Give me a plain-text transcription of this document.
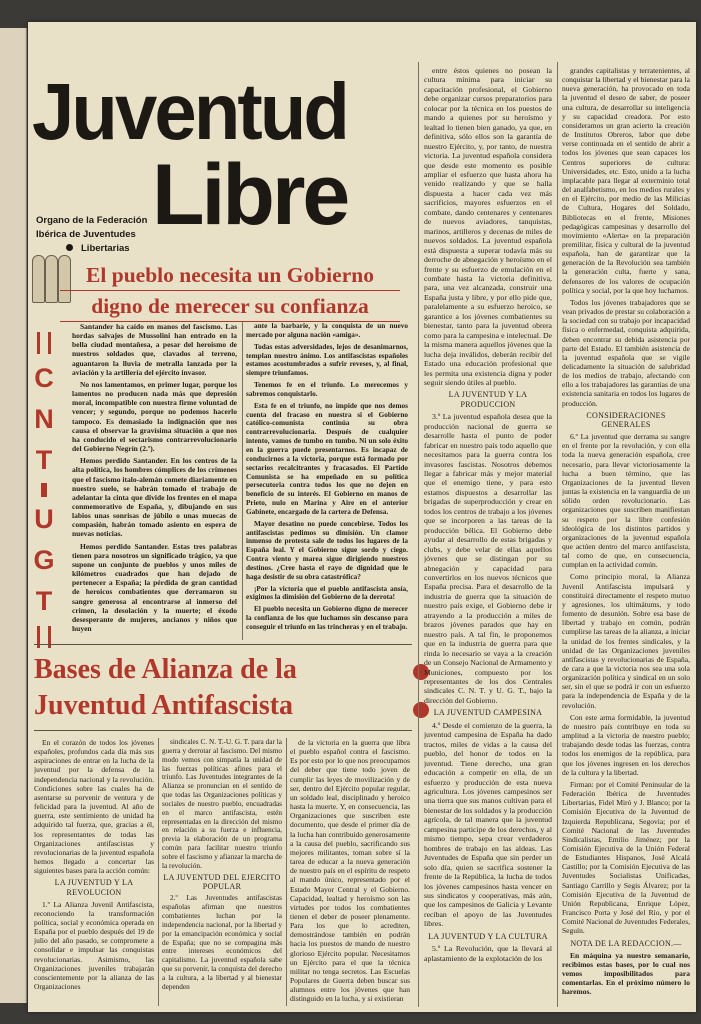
Juventud
Libre
Organo de la Federación
Ibérica de Juventudes
Libertarias
El pueblo necesita un Gobierno
digno de merecer su confianza
C
N
T
U
G
T

Santander ha caído en manos del fascismo. Las hordas salvajes de Mussolini han entrado en la bella ciudad montañesa, a pesar del heroismo de nuestros soldados que, clavados al terreno, aguantaron la lluvia de metralla lanzada por la aviación y la artillería del ejército invasor.

No nos lamentamos, en primer lugar, porque los lamentos no producen nada más que depresión moral, incompatible con nuestra firme voluntad de vencer; y segundo, porque no podemos hacerlo tampoco. Es demasiado la indignación que nos causa el observar la gravísima situación a que nos ha conducido el sectarismo contrarrevolucionario del Gobierno Negrín (2.º).

Hemos perdido Santander. En los centros de la alta política, los hombres cómplices de los crímenes que el fascismo italo-alemán comete diariamente en nuestro suelo, se habrán tomado el trabajo de adelantar la cinta que divide los frentes en el mapa conmemorativo de España, y, dibujando en sus labios unas sonrisas de júbilo o unas muecas de compasión, habrán tomado asiento en espera de nuevas noticias.

Hemos perdido Santander. Estas tres palabras tienen para nosotros un significado trágico, ya que supone un conjunto de pueblos y unos miles de kilómetros cuadrados que han dejado de pertenecer a España; la pérdida de gran cantidad de heroicos combatientes que derramaron su sangre generosa al encontrarse al inmerso del crimen, la desolación y la muerte; el éxodo desesperante de mujeres, ancianos y niños que huyen

ante la barbarie, y la conquista de un nuevo mercado por alguna nación «amiga».

Todas estas adversidades, lejos de desanimarnos, templan nuestro ánimo. Los antifascistas españoles estamos acostumbrados a sufrir reveses, y, al final, siempre triunfamos.

Tenemos fe en el triunfo. Lo merecemos y sabremos conquistarlo.

Esta fe en el triunfo, no impide que nos demos cuenta del fracaso en nuestra si el Gobierno católico-comunista continúa su obra contrarrevolucionaria. Después de cualquier intento, vamos de tumbo en tumbo. Ni un solo éxito en la guerra puede presentarnos. Es incapaz de conducirnos a la victoria, porque está formado por sectarios recalcitrantes y fracasados. El Partido Comunista se ha empeñado en su política persecutoria contra todos los que no dejen en beneficio de su interés. El Gobierno en manos de Prieto, nulo en Marina y Aire en el anterior Gabinete, encargado de la cartera de Defensa.

Mayor desatino no puede concebirse. Todos los antifascistas pedimos su dimisión. Un clamor inmenso de protesta sale de todos los lugares de la España leal. Y el Gobierno sigue sordo y ciego. Contra viento y marea sigue dirigiendo nuestros destinos. ¿Cree hasta el rayo de dignidad que le haga desistir de su obra catastrófica?

¡Por la victoria que el pueblo antifascista ansía, exigimos la dimisión del Gobierno de la derrota!

El pueblo necesita un Gobierno digno de merecer la confianza de los que luchamos sin descanso para conseguir el triunfo en las trincheras y en el trabajo.

Bases de Alianza de la
Juventud Antifascista

En el corazón de todos los jóvenes españoles, profundos cada día más sus aspiraciones de entrar en la lucha de la juventud por la defensa de la independencia nacional y la revolución. Condiciones sobre las cuales ha de asentarse su porvenir de ventura y de felicidad para la juventud. Al año de guerra, este sentimiento de unidad ha adquirido tal fuerza, que, gracias a él, los representantes de todas las Organizaciones antifascistas y revolucionarias de la juventud española hemos llegado a concertar las siguientes bases para la acción común:

LA JUVENTUD Y LA REVOLUCION

1.º La Alianza Juvenil Antifascista, reconociendo la transformación política, social y económica operada en España por el pueblo después del 19 de julio del año pasado, se compromete a consolidar e impulsar las conquistas revolucionarias. Asimismo, las Organizaciones juveniles trabajarán conscientemente por la alianza de las Organizaciones

sindicales C. N. T.-U. G. T. para dar la guerra y derrotar al fascismo. Del mismo modo vemos con simpatía la unidad de las fuerzas políticas afines para el triunfo. Las Juventudes integrantes de la Alianza se pronuncian en el sentido de que todas las Organizaciones políticas y sociales de nuestro pueblo, encuadradas en el marco antifascista, estén representadas en la dirección del mismo en relación a su fuerza e influencia, previa la elaboración de un programa común para facilitar nuestro triunfo sobre el fascismo y afianzar la marcha de la revolución.

LA JUVENTUD DEL EJERCITO POPULAR

2.º Las Juventudes antifascistas españolas afirman que nuestros combatientes luchan por la independencia nacional, por la libertad y por la emancipación económica y social de España; que no se compagina más entre intereses económicos del capitalismo. La juventud española sabe que su porvenir, la conquista del derecho a la cultura, a la libertad y al bienestar dependen

de la victoria en la guerra que libra el pueblo español contra el fascismo. Es por esto por lo que nos preocupamos del deber que tiene todo joven de cumplir las leyes de movilización y de ser, dentro del Ejército popular regular, un soldado leal, disciplinado y heroico hasta la muerte. Y, en consecuencia, las Organizaciones que suscriben este documento, que desde el primer día de la lucha han contribuido generosamente a la causa del pueblo, sacrificando sus mejores militantes, toman sobre sí la tarea de educar a la nueva generación de nuestro país en el espíritu de respeto al mando único, representado por el Estado Mayor Central y el Gobierno. Capacidad, lealtad y heroísmo son las virtudes por todos los combatientes tienen el deber de poseer plenamente. Para los que lo acrediten, demostrándose también en podrán hacia los puestos de mando de nuestro glorioso Ejército popular. Necesitamos un Ejército para el que la técnica militar no tenga secretos. Las Escuelas Populares de Guerra deben buscar sus alumnos entre los jóvenes que han distinguido en la lucha, y si existieran

entre éstos quienes no posean la cultura mínima para iniciar su capacitación profesional, el Gobierno debe organizar cursos preparatorios para colocar por la técnica en los puestos de mando a quienes por su heroísmo y lealtad lo tienen bien ganado, ya que, en definitiva, sólo ellos son la garantía de nuestro Ejército, y, por tanto, de nuestra victoria. La juventud española considera que desde este momento es posible ampliar el esfuerzo que hasta ahora ha venido realizando y que se halla dispuesta a hacer cada vez más sacrificios, mayores esfuerzos en el combate, dando centenares y centenares de nuevos aviadores, tanquistas, marinos, artilleros y decenas de miles de nuevos soldados. La juventud española está dispuesta a superar todavía más su derroche de abnegación y heroísmo en el frente y su esfuerzo de emulación en el combate hasta la victoria definitiva, para, una vez alcanzada, construir una España justa y libre, y por ello pide que, paralelamente a su esfuerzo heroico, se garantice a los jóvenes combatientes su bienestar, tanto para la juventud obrera como para la campesina e intelectual. De la misma manera aquellos jóvenes que la lucha deja inválidos, deberán recibir del Estado una educación profesional que les permita una existencia digna y poder seguir siendo útiles al pueblo.

LA JUVENTUD Y LA PRODUCCION

3.º La juventud española desea que la producción nacional de guerra se desarrolle hasta el punto de poder fabricar en nuestro país todo aquello que necesitamos para la guerra contra los invasores fascistas. Nosotros debemos llegar a fabricar más y mejor material que el enemigo tiene, y para esto estamos dispuestos a desarrollar las brigadas de superproducción y crear en todos los centros de trabajo a los jóvenes que se incorporen a las tareas de la producción bélica. El Gobierno debe ayudar al desarrollo de estas brigadas y clubs, y debe velar de ellas aquellos jóvenes que se distingan por su abnegación y capacidad para convertirlos en los nuevos técnicos que España precisa. Para el desarrollo de la industria de guerra que la situación de nuestro país exige, el Gobierno debe ir atrayendo a la producción a miles de brazos jóvenes parados que hay en nuestro país. A tal fin, le proponemos que en la industria de guerra para que rinda lo necesario se vaya a la creación de un Consejo Nacional de Armamento y Municiones, compuesto por los representantes de los dos Centrales sindicales C. N. T. y U. G. T., bajo la dirección del Gobierno.

LA JUVENTUD CAMPESINA

4.º Desde el comienzo de la guerra, la juventud campesina de España ha dado tractos, miles de vidas a la causa del pueblo, del honor de todos en la juventud. Tiene derecho, una gran educación a competir en ella, de un esfuerzo y producción de esta nueva agricultura. Los jóvenes campesinos ser una tierra que sus manos cultivan para el bienestar de los soldados y la producción agrícola, de tal manera que la juventud campesina participe de los derechos, y al mismo tiempo, sepa crear verdaderos hombres de trabajo en las aldeas. Las Juventudes de España que sin perder un solo día, quien se sacrifica sostener la frente de la República, la lucha de todos los jóvenes campesinos hasta vencer en sus sindicatos y cooperativas, más aún, que los campesinos de Galicia y Levante reciban el apoyo de las Juventudes libres.

LA JUVENTUD Y LA CULTURA

5.º La Revolución, que la llevará al aplastamiento de la explotación de los

grandes capitalistas y terratenientes, al conquistar la libertad y el bienestar para la nueva generación, ha provocado en toda la juventud el deseo de saber, de poseer una cultura, de desarrollar su inteligencia y su capacidad creadora. Por esto consideramos un gran acierto la creación de Institutos Obreros, labor que debe verse continuada en el sentido de abrir a todos los jóvenes que sean capaces los Centros superiores de cultura: Universidades, etc. Esto, unido a la lucha implacable para llegar al exterminio total del analfabetismo, en los medios rurales y en el Ejército, por medio de las Milicias de Cultura, Hogares del Soldado, Bibliotecas en el frente, Misiones pedagógicas campesinas y desarrollo del movimiento «Alerta» en la preparación premilitar, física y cultural de la juventud española, han de garantizar que la generación de la Revolución sea también la generación culta, fuerte y sana, defensores de los valores de ocupación política y social, por la que hoy luchamos.

Todos los jóvenes trabajadores que se vean privados de prestar su colaboración a la sociedad con su trabajo por incapacidad física o enfermedad, conquista adquirida, deben encontrar su debida asistencia por parte del Estado. El también asistencia de la juventud española que se vigile delicadamente la situación de salubridad de los medios de trabajo, afectando con ello a los trabajadores las garantías de una existencia sanitaria en todos los lugares de producción.

CONSIDERACIONES GENERALES

6.º La juventud que derrama su sangre en el frente por la revolución, y con ella toda la nueva generación española, cree necesario, para llevar victoriosamente la lucha a buen término, que las Organizaciones de la juventud lleven juntas la existencia en la vanguardia de un sólido orden revolucionario. Las organizaciones que suscriben manifiestan su respeto por la libre confesión ideológica de los distintos partidos y organizaciones de la juventud española que actúen dentro del marco antifascista, tal como de que, en consecuencia, cumplan en la actividad común.

Como principio moral, la Alianza Juvenil Antifascista impulsará y constituirá directamente el respeto mutuo y agresiones, los ultimátums, y todo fomento de desunión. Sobre esa base de libertad y trabajo en común, podrán cumplirse las tareas de la alianza, a iniciar la unidad de los frentes sindicales, y la unidad de las Organizaciones juveniles antifascistas y revolucionarias de España, de cara a que la victoria nos sea una sola organización política y sindical en un solo ser, sin el que se podrá ir con un esfuerzo para la independencia de España y de la revolución.

Con este arma formidable, la juventud de nuestro país contribuye en toda su amplitud a la victoria de nuestro pueblo; trabajando desde todas las fuerzas, contra todos los enemigos de la república, para que los jóvenes ingresen en los derechos de la cultura y la libertad.

Firman: por el Comité Peninsular de la Federación Ibérica de Juventudes Libertarias, Fidel Miró y J. Blanco; por la Comisión Ejecutiva de la Juventud de Izquierda Republicana, Segovia; por el Comité Nacional de las Juventudes Sindicalistas, Emilio Jiménez; por la Comisión Ejecutiva de la Unión Federal de Estudiantes Hispanos, José Alcalá Castillo; por la Comisión Ejecutiva de las Juventudes Socialistas Unificadas, Santiago Carrillo y Segis Álvarez; por la Comisión Ejecutiva de la Juventud de Unión Republicana, Enrique López, Francisco Porta y José del Río, y por el Comité Nacional de Juventudes Federales, Seguín.

NOTA DE LA REDACCION.—

En máquina ya nuestro semanario, recibimos estas bases, por lo cual nos vemos imposibilitados para comentarlas. En el próximo número lo haremos.
